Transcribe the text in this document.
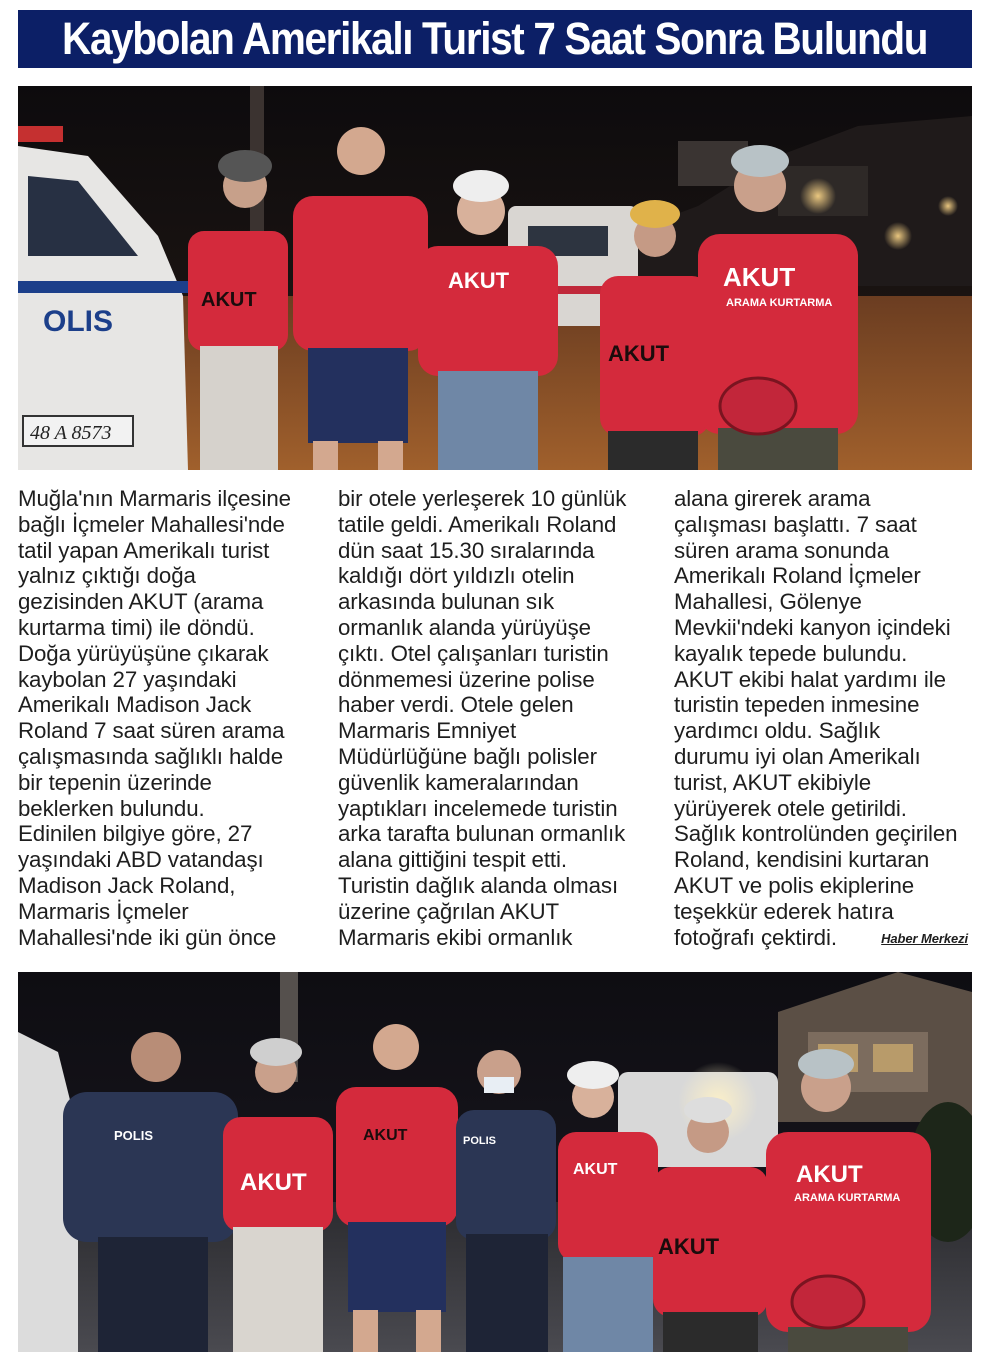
Kaybolan Amerikalı Turist 7 Saat Sonra Bulundu
OLIS
48 A 8573
AKUT
AKUT
AKUT
AKUT
ARAMA KURTARMA
Muğla'nın Marmaris ilçesine
bağlı İçmeler Mahallesi'nde
tatil yapan Amerikalı turist
yalnız çıktığı doğa
gezisinden AKUT (arama
kurtarma timi) ile döndü.
Doğa yürüyüşüne çıkarak
kaybolan 27 yaşındaki
Amerikalı Madison Jack
Roland 7 saat süren arama
çalışmasında sağlıklı halde
bir tepenin üzerinde
beklerken bulundu.
Edinilen bilgiye göre, 27
yaşındaki ABD vatandaşı
Madison Jack Roland,
Marmaris İçmeler
Mahallesi'nde iki gün önce
bir otele yerleşerek 10 günlük
tatile geldi. Amerikalı Roland
dün saat 15.30 sıralarında
kaldığı dört yıldızlı otelin
arkasında bulunan sık
ormanlık alanda yürüyüşe
çıktı. Otel çalışanları turistin
dönmemesi üzerine polise
haber verdi. Otele gelen
Marmaris Emniyet
Müdürlüğüne bağlı polisler
güvenlik kameralarından
yaptıkları incelemede turistin
arka tarafta bulunan ormanlık
alana gittiğini tespit etti.
Turistin dağlık alanda olması
üzerine çağrılan AKUT
Marmaris ekibi ormanlık
alana girerek arama
çalışması başlattı. 7 saat
süren arama sonunda
Amerikalı Roland İçmeler
Mahallesi, Gölenye
Mevkii'ndeki kanyon içindeki
kayalık tepede bulundu.
AKUT ekibi halat yardımı ile
turistin tepeden inmesine
yardımcı oldu. Sağlık
durumu iyi olan Amerikalı
turist, AKUT ekibiyle
yürüyerek otele getirildi.
Sağlık kontrolünden geçirilen
Roland, kendisini kurtaran
AKUT ve polis ekiplerine
teşekkür ederek hatıra
fotoğrafı çektirdi.	Haber Merkezi
POLIS
AKUT
AKUT	POLIS
AKUT
AKUT
AKUT
ARAMA KURTARMA
